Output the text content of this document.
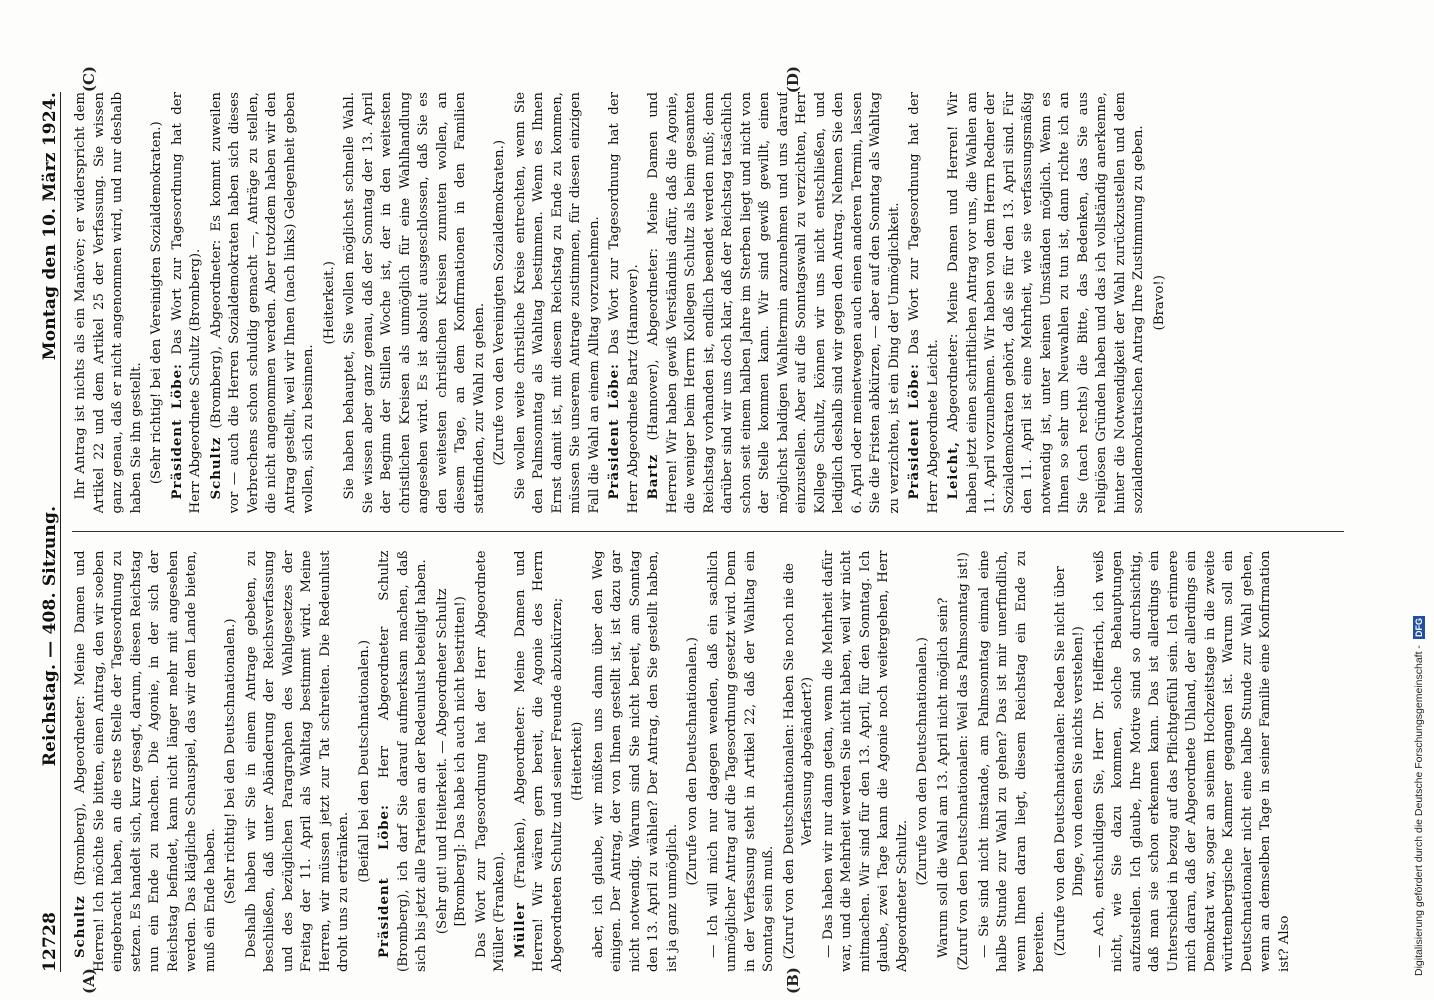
12728
Reichstag. — 408. Sitzung.
Montag den 10. März 1924.
(A)	(B)
(C)	(D)

Schultz (Bromberg), Abgeordneter: Meine Damen und Herren! Ich möchte Sie bitten, einen Antrag, den wir soeben eingebracht haben, an die erste Stelle der Tagesordnung zu setzen. Es handelt sich, kurz gesagt, darum, diesen Reichstag nun ein Ende zu machen. Die Agonie, in der sich der Reichstag befindet, kann nicht länger mehr mit angesehen werden. Das klägliche Schauspiel, das wir dem Lande bieten, muß ein Ende haben. (Sehr richtig! bei den Deutschnationalen.) Deshalb haben wir Sie in einem Antrage gebeten, zu beschließen, daß unter Abänderung der Reichsverfassung und des bezüglichen Paragraphen des Wahlgesetzes der Freitag der 11. April als Wahltag bestimmt wird. Meine Herren, wir müssen jetzt zur Tat schreiten. Die Redeunlust droht uns zu ertränken.

(Beifall bei den Deutschnationalen.) Präsident Löbe: Herr Abgeordneter Schultz (Bromberg), ich darf Sie darauf aufmerksam machen, daß sich bis jetzt alle Parteien an der Redeunlust beteiligt haben. (Sehr gut! und Heiterkeit. — Abgeordneter Schultz [Bromberg]: Das habe ich auch nicht bestritten!) Das Wort zur Tagesordnung hat der Herr Abgeordnete Müller (Franken). Müller (Franken), Abgeordneter: Meine Damen und Herren! Wir wären gern bereit, die Agonie des Herrn Abgeordneten Schultz und seiner Freunde abzukürzen; (Heiterkeit) aber, ich glaube, wir müßten uns dann über den Weg einigen. Der Antrag, der von Ihnen gestellt ist, ist dazu gar nicht notwendig. Warum sind Sie nicht bereit, am Sonntag den 13. April zu wählen? Der Antrag, den Sie gestellt haben, ist ja ganz unmöglich.

(Zurufe von den Deutschnationalen.) — Ich will mich nur dagegen wenden, daß ein sachlich unmöglicher Antrag auf die Tagesordnung gesetzt wird. Denn in der Verfassung steht in Artikel 22, daß der Wahltag ein Sonntag sein muß. (Zuruf von den Deutschnationalen: Haben Sie noch nie die Verfassung abgeändert?) — Das haben wir nur dann getan, wenn die Mehrheit dafür war, und die Mehrheit werden Sie nicht haben, weil wir nicht mitmachen. Wir sind für den 13. April, für den Sonntag. Ich glaube, zwei Tage kann die Agonie noch weitergehen, Herr Abgeordneter Schultz.

(Zurufe von den Deutschnationalen.) Warum soll die Wahl am 13. April nicht möglich sein? (Zuruf von den Deutschnationalen: Weil das Palmsonntag ist!) — Sie sind nicht imstande, am Palmsonntag einmal eine halbe Stunde zur Wahl zu gehen? Das ist mir unerfindlich, wenn Ihnen daran liegt, diesem Reichstag ein Ende zu bereiten. (Zurufe von den Deutschnationalen: Reden Sie nicht über Dinge, von denen Sie nichts verstehen!) — Ach, entschuldigen Sie, Herr Dr. Helfferich, ich weiß nicht, wie Sie dazu kommen, solche Behauptungen aufzustellen. Ich glaube, Ihre Motive sind so durchsichtig, daß man sie schon erkennen kann. Das ist allerdings ein Unterschied in bezug auf das Pflichtgefühl sein. Ich erinnere mich daran, daß der Abgeordnete Uhland, der allerdings ein Demokrat war, sogar an seinem Hochzeitstage in die zweite württembergische Kammer gegangen ist. Warum soll ein Deutschnationaler nicht eine halbe Stunde zur Wahl gehen, wenn an demselben Tage in seiner Familie eine Konfirmation ist? Also

Ihr Antrag ist nichts als ein Manöver; er widerspricht dem Artikel 22 und dem Artikel 25 der Verfassung. Sie wissen ganz genau, daß er nicht angenommen wird, und nur deshalb haben Sie ihn gestellt. (Sehr richtig! bei den Vereinigten Sozialdemokraten.) Präsident Löbe: Das Wort zur Tagesordnung hat der Herr Abgeordnete Schultz (Bromberg). Schultz (Bromberg), Abgeordneter: Es kommt zuweilen vor — auch die Herren Sozialdemokraten haben sich dieses Verbrechens schon schuldig gemacht —, Anträge zu stellen, die nicht angenommen werden. Aber trotzdem haben wir den Antrag gestellt, weil wir Ihnen (nach links) Gelegenheit geben wollen, sich zu besinnen.

(Heiterkeit.) Sie haben behauptet, Sie wollen möglichst schnelle Wahl. Sie wissen aber ganz genau, daß der Sonntag der 13. April der Beginn der Stillen Woche ist, der in den weitesten christlichen Kreisen als unmöglich für eine Wahlhandlung angesehen wird. Es ist absolut ausgeschlossen, daß Sie es den weitesten christlichen Kreisen zumuten wollen, an diesem Tage, an dem Konfirmationen in den Familien stattfinden, zur Wahl zu gehen. (Zurufe von den Vereinigten Sozialdemokraten.) Sie wollen weite christliche Kreise entrechten, wenn Sie den Palmsonntag als Wahltag bestimmen. Wenn es Ihnen Ernst damit ist, mit diesem Reichstag zu Ende zu kommen, müssen Sie unserem Antrage zustimmen, für diesen einzigen Fall die Wahl an einem Alltag vorzunehmen. Präsident Löbe: Das Wort zur Tagesordnung hat der Herr Abgeordnete Bartz (Hannover). Bartz (Hannover), Abgeordneter: Meine Damen und Herren! Wir haben gewiß Verständnis dafür, daß die Agonie, die weniger beim Herrn Kollegen Schultz als beim gesamten Reichstag vorhanden ist, endlich beendet werden muß; denn darüber sind wir uns doch klar, daß der Reichstag tatsächlich schon seit einem halben Jahre im Sterben liegt und nicht von der Stelle kommen kann. Wir sind gewiß gewillt, einen möglichst baldigen Wahltermin anzunehmen und uns darauf einzustellen. Aber auf die Sonntagswahl zu verzichten, Herr Kollege Schultz, können wir uns nicht entschließen, und lediglich deshalb sind wir gegen den Antrag. Nehmen Sie den 6. April oder meinetwegen auch einen anderen Termin, lassen Sie die Fristen abkürzen, — aber auf den Sonntag als Wahltag zu verzichten, ist ein Ding der Unmöglichkeit. Präsident Löbe: Das Wort zur Tagesordnung hat der Herr Abgeordnete Leicht. Leicht, Abgeordneter: Meine Damen und Herren! Wir haben jetzt einen schriftlichen Antrag vor uns, die Wahlen am 11. April vorzunehmen. Wir haben von dem Herrn Redner der Sozialdemokraten gehört, daß sie für den 13. April sind. Für den 11. April ist eine Mehrheit, wie sie verfassungsmäßig notwendig ist, unter keinen Umständen möglich. Wenn es Ihnen so sehr um Neuwahlen zu tun ist, dann richte ich an Sie (nach rechts) die Bitte, das Bedenken, das Sie aus religiösen Gründen haben und das ich vollständig anerkenne, hinter die Notwendigkeit der Wahl zurückzustellen und dem sozialdemokratischen Antrag Ihre Zustimmung zu geben. (Bravo!)

Digitalisierung gefördert durch die Deutsche Forschungsgemeinschaft -
DFG
